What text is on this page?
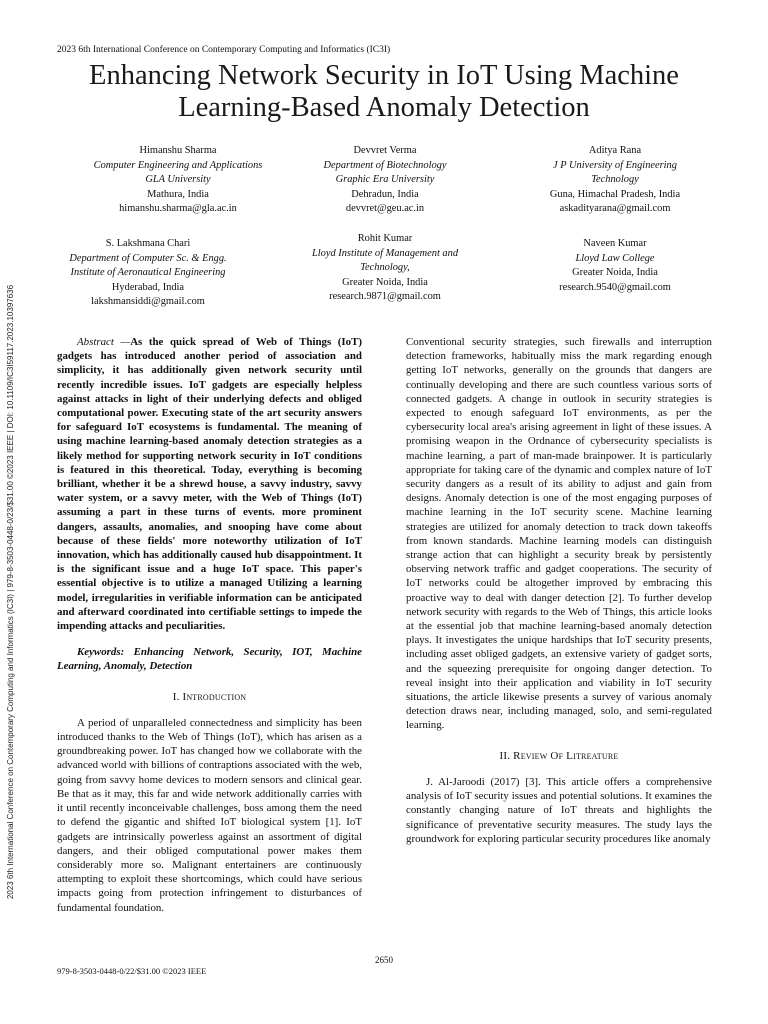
2023 6th International Conference on Contemporary Computing and Informatics (IC3I)
Enhancing Network Security in IoT Using Machine
Learning-Based Anomaly Detection
2023 6th International Conference on Contemporary Computing and Informatics (IC3I) | 979-8-3503-0448-0/23/$31.00 ©2023 IEEE | DOI: 10.1109/IC3I59117.2023.10397636
Himanshu Sharma
Computer Engineering and Applications
GLA University
Mathura, India
himanshu.sharma@gla.ac.in
Devvret Verma
Department of Biotechnology
Graphic Era University
Dehradun, India
devvret@geu.ac.in
Aditya Rana
J P University of Engineering
Technology
Guna, Himachal Pradesh, India
askadityarana@gmail.com
S. Lakshmana Chari
Department of Computer Sc. & Engg.
Institute of Aeronautical Engineering
Hyderabad, India
lakshmansiddi@gmail.com
Rohit Kumar
Lloyd Institute of Management and
Technology,
Greater Noida, India
research.9871@gmail.com
Naveen Kumar
Lloyd Law College
Greater Noida, India
research.9540@gmail.com

Abstract —As the quick spread of Web of Things (IoT) gadgets has introduced another period of association and simplicity, it has additionally given network security until recently incredible issues. IoT gadgets are especially helpless against attacks in light of their underlying defects and obliged computational power. Executing state of the art security answers for safeguard IoT ecosystems is fundamental. The meaning of using machine learning-based anomaly detection strategies as a likely method for supporting network security in IoT conditions is featured in this theoretical. Today, everything is becoming brilliant, whether it be a shrewd house, a savvy industry, savvy water system, or a savvy meter, with the Web of Things (IoT) assuming a part in these turns of events. more prominent dangers, assaults, anomalies, and snooping have come about because of these fields' more noteworthy utilization of IoT innovation, which has additionally caused hub disappointment. It is the significant issue and a huge IoT space. This paper's essential objective is to utilize a managed Utilizing a learning model, irregularities in verifiable information can be anticipated and afterward coordinated into certifiable settings to impede the impending attacks and peculiarities.

Keywords: Enhancing Network, Security, IOT, Machine Learning, Anomaly, Detection

I. Introduction

A period of unparalleled connectedness and simplicity has been introduced thanks to the Web of Things (IoT), which has arisen as a groundbreaking power. IoT has changed how we collaborate with the advanced world with billions of contraptions associated with the web, going from savvy home devices to modern sensors and clinical gear. Be that as it may, this far and wide network additionally carries with it until recently inconceivable challenges, boss among them the need to defend the gigantic and shifted IoT biological system [1]. IoT gadgets are intrinsically powerless against an assortment of digital dangers, and their obliged computational power makes them considerably more so. Malignant entertainers are continuously attempting to exploit these shortcomings, which could have serious impacts going from protection infringement to disturbances of fundamental foundation.

Conventional security strategies, such firewalls and interruption detection frameworks, habitually miss the mark regarding enough getting IoT networks, generally on the grounds that dangers are continually developing and there are such countless various sorts of connected gadgets. A change in outlook in security strategies is expected to enough safeguard IoT environments, as per the cybersecurity local area's arising agreement in light of these issues. A promising weapon in the Ordnance of cybersecurity specialists is machine learning, a part of man-made brainpower. It is particularly appropriate for taking care of the dynamic and complex nature of IoT security dangers as a result of its ability to adjust and gain from designs. Anomaly detection is one of the most engaging purposes of machine learning in the IoT security scene. Machine learning strategies are utilized for anomaly detection to track down takeoffs from known standards. Machine learning models can distinguish strange action that can highlight a security break by persistently observing network traffic and gadget cooperations. The security of IoT networks could be altogether improved by embracing this proactive way to deal with danger detection [2]. To further develop network security with regards to the Web of Things, this article looks at the essential job that machine learning-based anomaly detection plays. It investigates the unique hardships that IoT security presents, including asset obliged gadgets, an extensive variety of gadget sorts, and the squeezing prerequisite for ongoing danger detection. To reveal insight into their application and viability in IoT security situations, the article likewise presents a survey of various anomaly detection draws near, including managed, solo, and semi-regulated learning.

II. Review Of Litreature

J. Al-Jaroodi (2017) [3]. This article offers a comprehensive analysis of IoT security issues and potential solutions. It examines the constantly changing nature of IoT threats and highlights the significance of preventative security measures. The study lays the groundwork for exploring particular security procedures like anomaly

2650
979-8-3503-0448-0/22/$31.00 ©2023 IEEE
